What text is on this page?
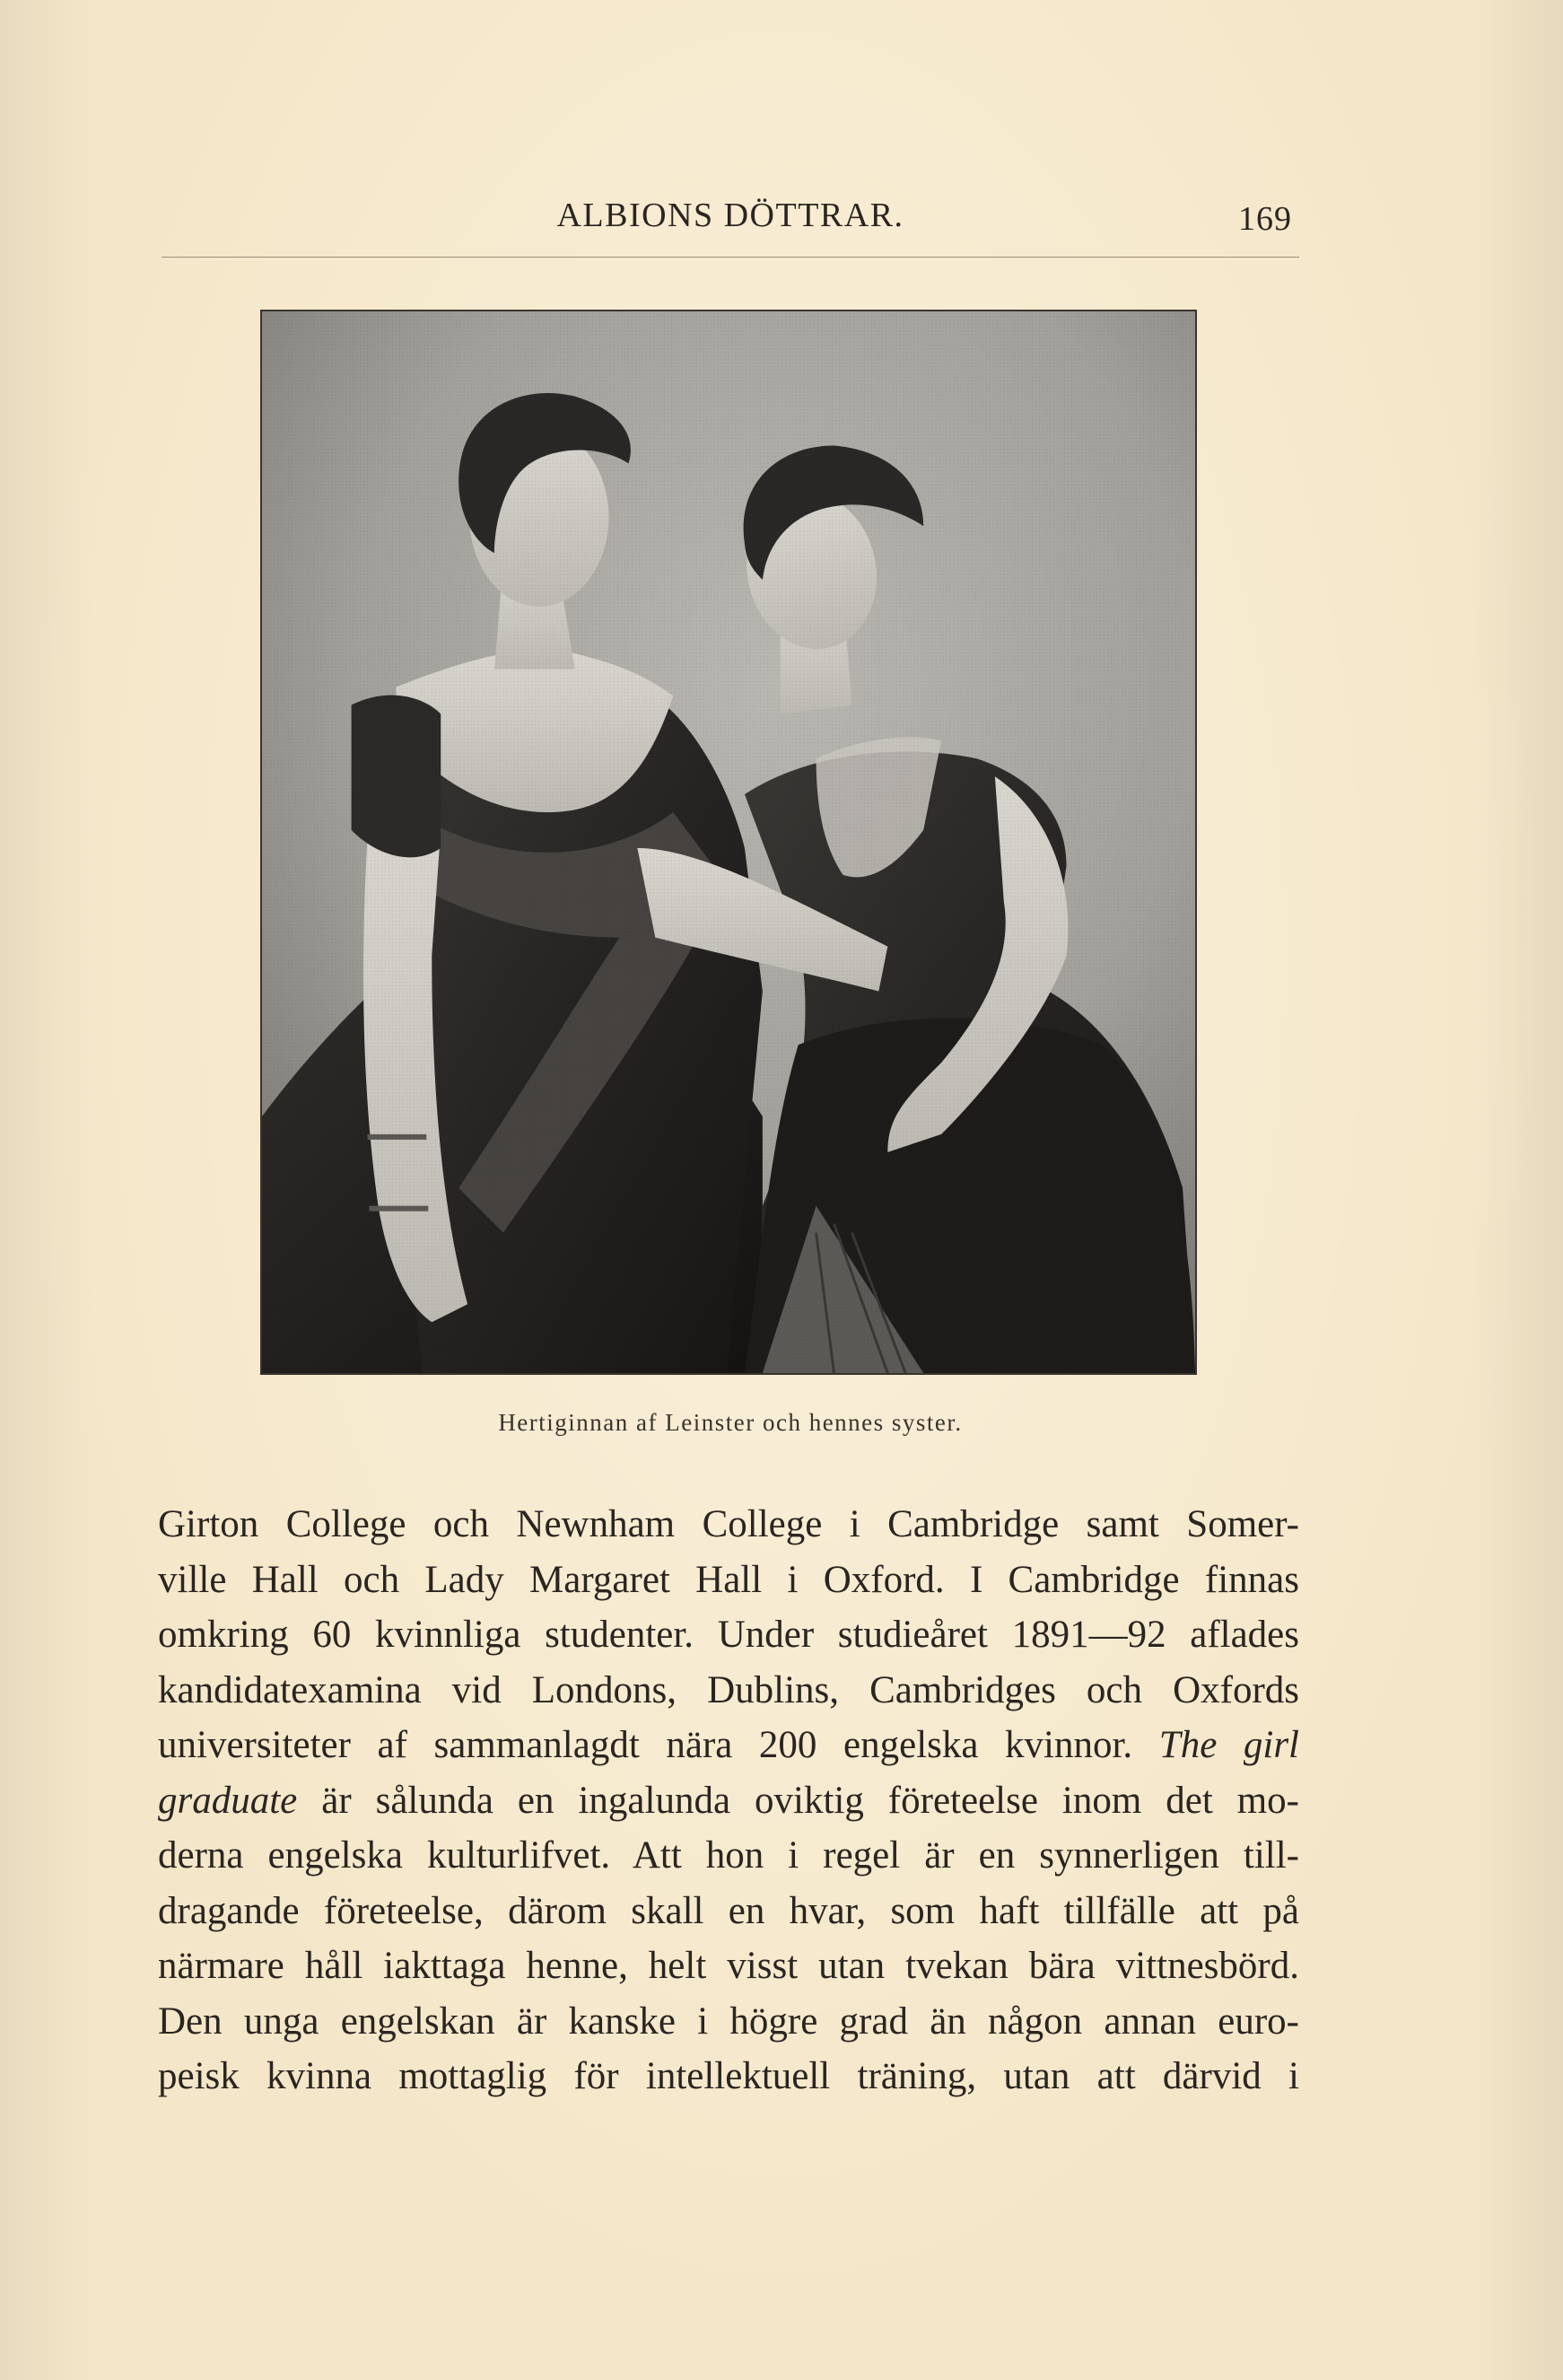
ALBIONS DÖTTRAR.	169
Hertiginnan af Leinster och hennes syster.
Girton College och Newnham College i Cambridge samt Somer-
ville Hall och Lady Margaret Hall i Oxford. I Cambridge finnas
omkring 60 kvinnliga studenter. Under studieåret 1891—92 aflades
kandidatexamina vid Londons, Dublins, Cambridges och Oxfords
universiteter af sammanlagdt nära 200 engelska kvinnor. The girl
graduate är sålunda en ingalunda oviktig företeelse inom det mo-
derna engelska kulturlifvet. Att hon i regel är en synnerligen till-
dragande företeelse, därom skall en hvar, som haft tillfälle att på
närmare håll iakttaga henne, helt visst utan tvekan bära vittnesbörd.
Den unga engelskan är kanske i högre grad än någon annan euro-
peisk kvinna mottaglig för intellektuell träning, utan att därvid i
